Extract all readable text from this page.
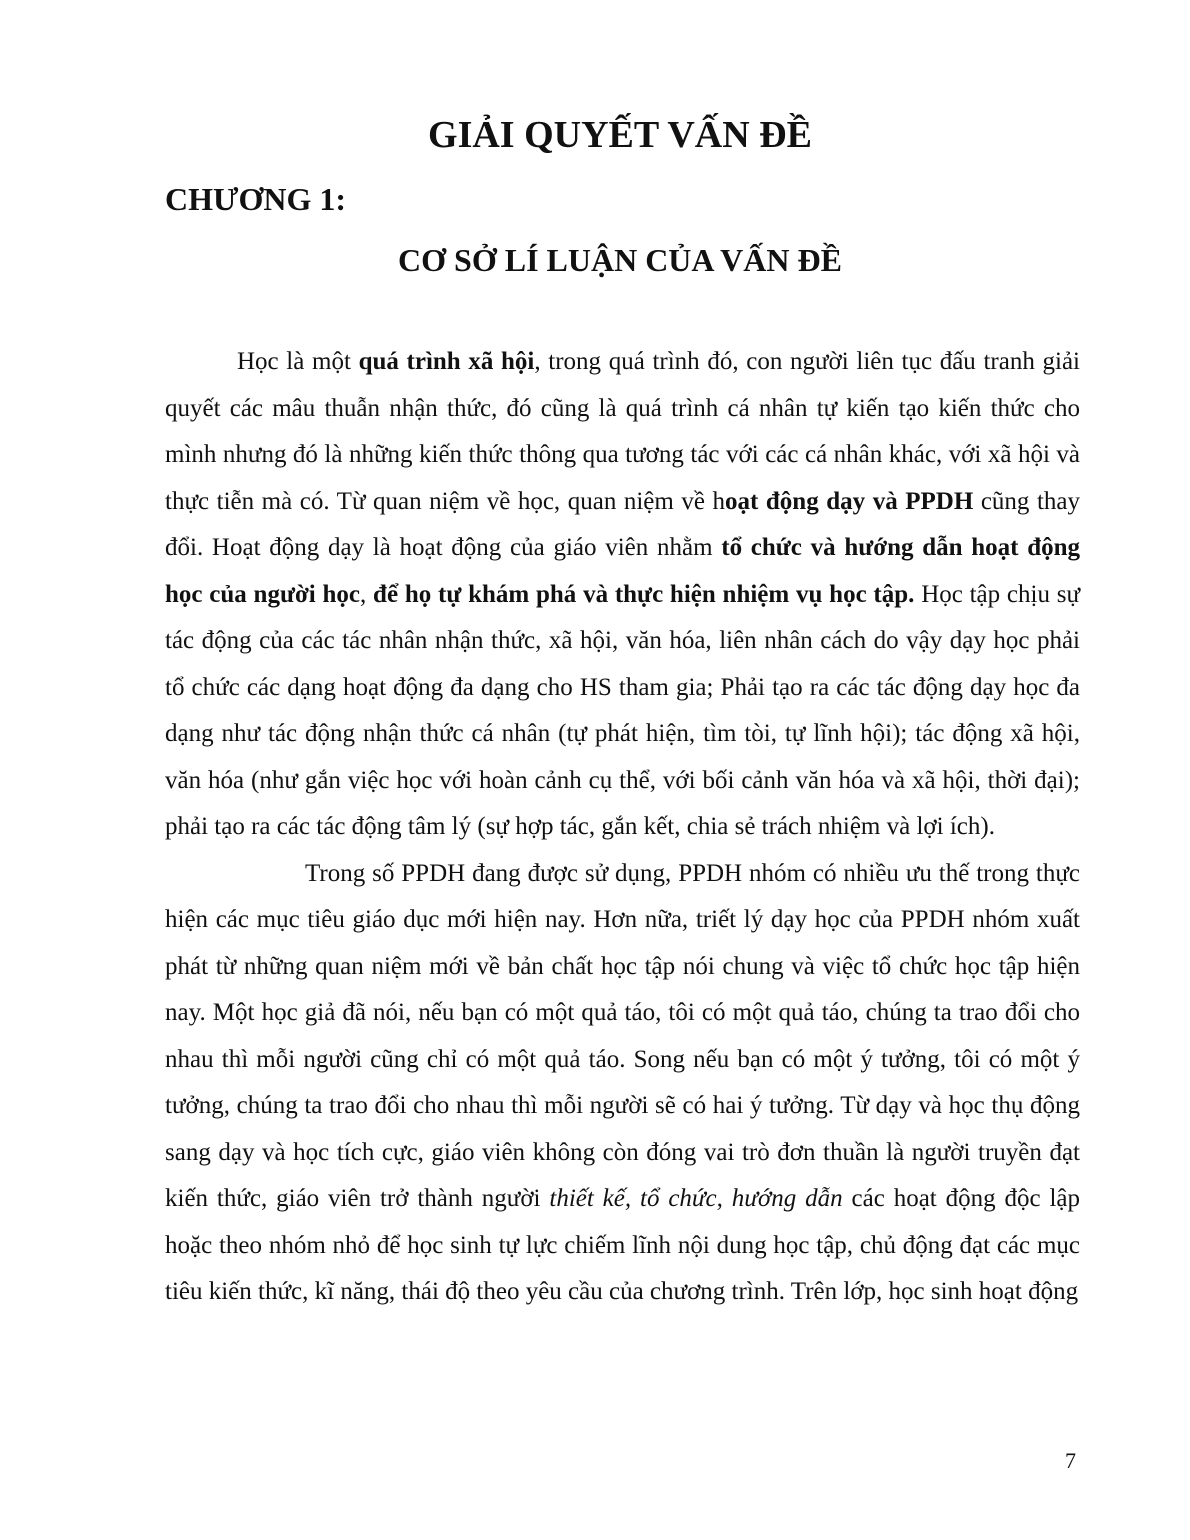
GIẢI QUYẾT VẤN ĐỀ
CHƯƠNG 1:
CƠ SỞ LÍ LUẬN CỦA VẤN ĐỀ

Học là một quá trình xã hội, trong quá trình đó, con người liên tục đấu tranh giải quyết các mâu thuẫn nhận thức, đó cũng là quá trình cá nhân tự kiến tạo kiến thức cho mình nhưng đó là những kiến thức thông qua tương tác với các cá nhân khác, với xã hội và thực tiễn mà có. Từ quan niệm về học, quan niệm về hoạt động dạy và PPDH cũng thay đổi. Hoạt động dạy là hoạt động của giáo viên nhằm tổ chức và hướng dẫn hoạt động học của người học, để họ tự khám phá và thực hiện nhiệm vụ học tập. Học tập chịu sự tác động của các tác nhân nhận thức, xã hội, văn hóa, liên nhân cách do vậy dạy học phải tổ chức các dạng hoạt động đa dạng cho HS tham gia; Phải tạo ra các tác động dạy học đa dạng như tác động nhận thức cá nhân (tự phát hiện, tìm tòi, tự lĩnh hội); tác động xã hội, văn hóa (như gắn việc học với hoàn cảnh cụ thể, với bối cảnh văn hóa và xã hội, thời đại); phải tạo ra các tác động tâm lý (sự hợp tác, gắn kết, chia sẻ trách nhiệm và lợi ích).

Trong số PPDH đang được sử dụng, PPDH nhóm có nhiều ưu thế trong thực hiện các mục tiêu giáo dục mới hiện nay. Hơn nữa, triết lý dạy học của PPDH nhóm xuất phát từ những quan niệm mới về bản chất học tập nói chung và việc tổ chức học tập hiện nay. Một học giả đã nói, nếu bạn có một quả táo, tôi có một quả táo, chúng ta trao đổi cho nhau thì mỗi người cũng chỉ có một quả táo. Song nếu bạn có một ý tưởng, tôi có một ý tưởng, chúng ta trao đổi cho nhau thì mỗi người sẽ có hai ý tưởng. Từ dạy và học thụ động sang dạy và học tích cực, giáo viên không còn đóng vai trò đơn thuần là người truyền đạt kiến thức, giáo viên trở thành người thiết kế, tổ chức, hướng dẫn các hoạt động độc lập hoặc theo nhóm nhỏ để học sinh tự lực chiếm lĩnh nội dung học tập, chủ động đạt các mục tiêu kiến thức, kĩ năng, thái độ theo yêu cầu của chương trình. Trên lớp, học sinh hoạt động

7
